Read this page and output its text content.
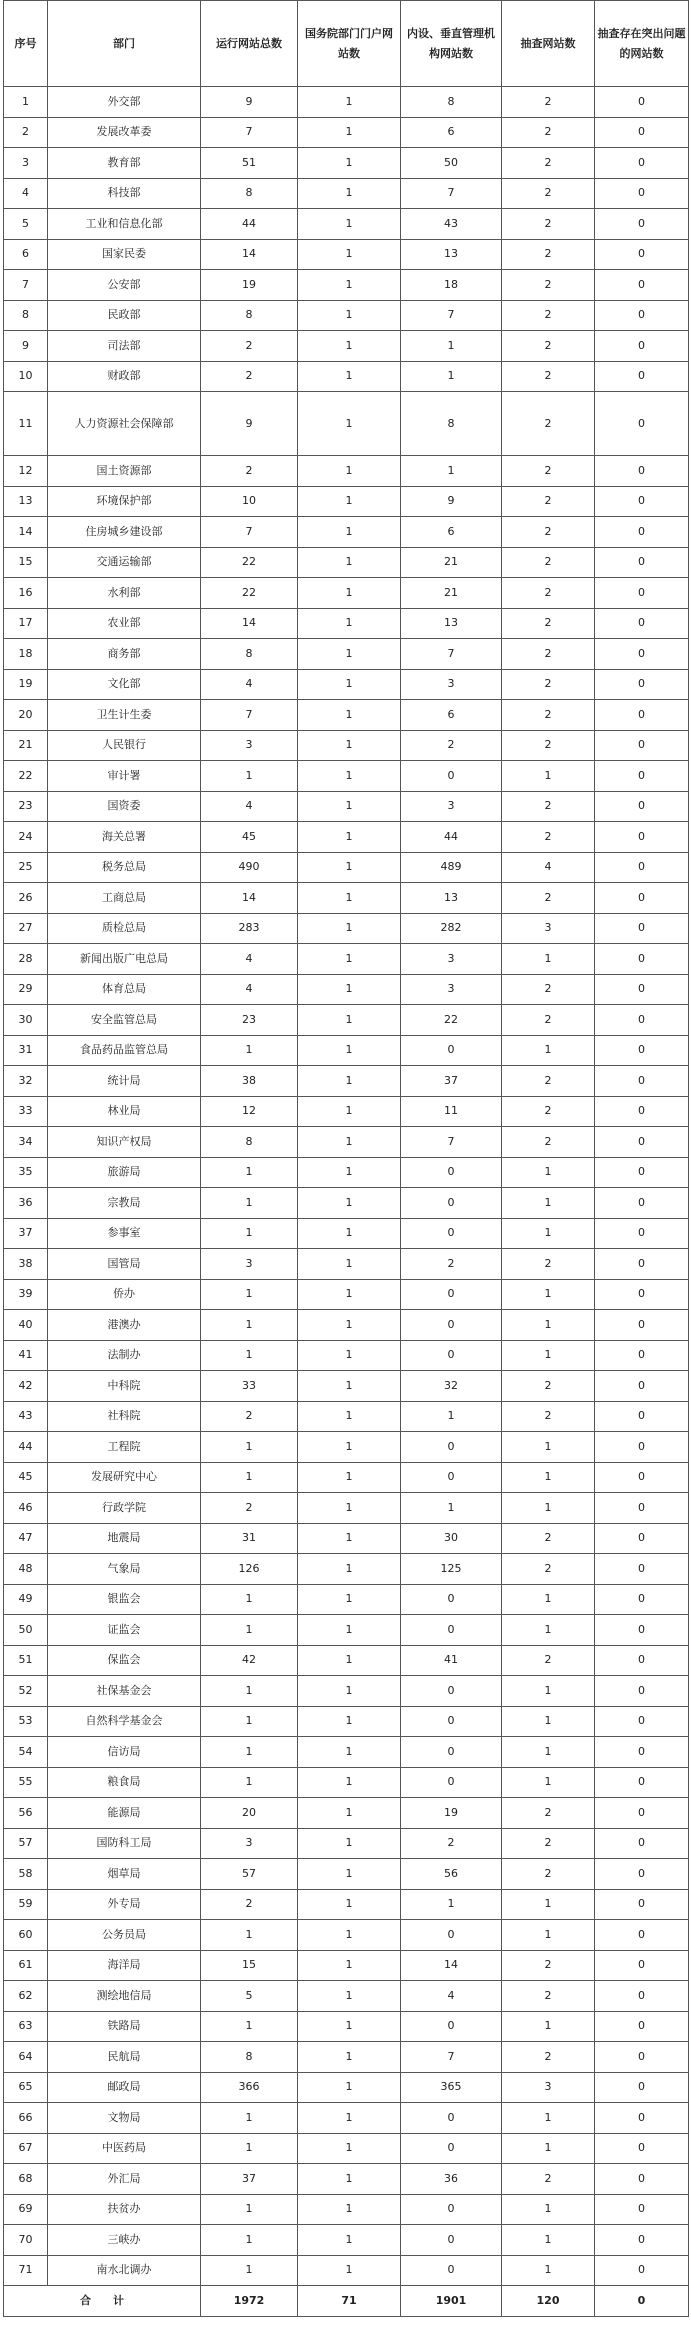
序号	部门	运行网站总数	国务院部门门户网站数	内设、垂直管理机构网站数	抽查网站数	抽查存在突出问题的网站数
1	外交部	9	1	8	2	0
2	发展改革委	7	1	6	2	0
3	教育部	51	1	50	2	0
4	科技部	8	1	7	2	0
5	工业和信息化部	44	1	43	2	0
6	国家民委	14	1	13	2	0
7	公安部	19	1	18	2	0
8	民政部	8	1	7	2	0
9	司法部	2	1	1	2	0
10	财政部	2	1	1	2	0
11	人力资源社会保障部	9	1	8	2	0
12	国土资源部	2	1	1	2	0
13	环境保护部	10	1	9	2	0
14	住房城乡建设部	7	1	6	2	0
15	交通运输部	22	1	21	2	0
16	水利部	22	1	21	2	0
17	农业部	14	1	13	2	0
18	商务部	8	1	7	2	0
19	文化部	4	1	3	2	0
20	卫生计生委	7	1	6	2	0
21	人民银行	3	1	2	2	0
22	审计署	1	1	0	1	0
23	国资委	4	1	3	2	0
24	海关总署	45	1	44	2	0
25	税务总局	490	1	489	4	0
26	工商总局	14	1	13	2	0
27	质检总局	283	1	282	3	0
28	新闻出版广电总局	4	1	3	1	0
29	体育总局	4	1	3	2	0
30	安全监管总局	23	1	22	2	0
31	食品药品监管总局	1	1	0	1	0
32	统计局	38	1	37	2	0
33	林业局	12	1	11	2	0
34	知识产权局	8	1	7	2	0
35	旅游局	1	1	0	1	0
36	宗教局	1	1	0	1	0
37	参事室	1	1	0	1	0
38	国管局	3	1	2	2	0
39	侨办	1	1	0	1	0
40	港澳办	1	1	0	1	0
41	法制办	1	1	0	1	0
42	中科院	33	1	32	2	0
43	社科院	2	1	1	2	0
44	工程院	1	1	0	1	0
45	发展研究中心	1	1	0	1	0
46	行政学院	2	1	1	1	0
47	地震局	31	1	30	2	0
48	气象局	126	1	125	2	0
49	银监会	1	1	0	1	0
50	证监会	1	1	0	1	0
51	保监会	42	1	41	2	0
52	社保基金会	1	1	0	1	0
53	自然科学基金会	1	1	0	1	0
54	信访局	1	1	0	1	0
55	粮食局	1	1	0	1	0
56	能源局	20	1	19	2	0
57	国防科工局	3	1	2	2	0
58	烟草局	57	1	56	2	0
59	外专局	2	1	1	1	0
60	公务员局	1	1	0	1	0
61	海洋局	15	1	14	2	0
62	测绘地信局	5	1	4	2	0
63	铁路局	1	1	0	1	0
64	民航局	8	1	7	2	0
65	邮政局	366	1	365	3	0
66	文物局	1	1	0	1	0
67	中医药局	1	1	0	1	0
68	外汇局	37	1	36	2	0
69	扶贫办	1	1	0	1	0
70	三峡办	1	1	0	1	0
71	南水北调办	1	1	0	1	0
合　　计		1972	71	1901	120	0
